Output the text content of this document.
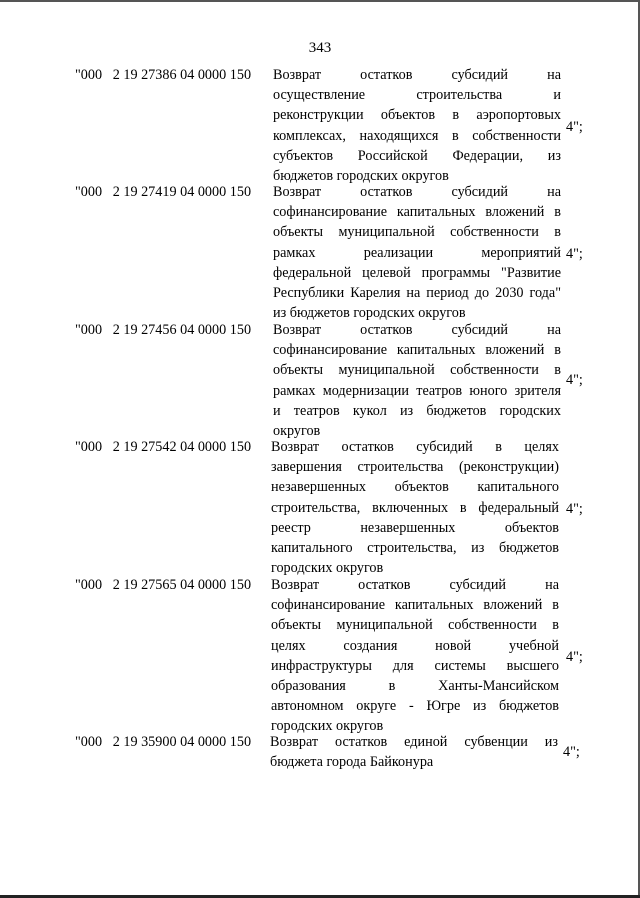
343
"000   2 19 27386 04 0000 150 Возврат остатков субсидий на
осуществление строительства и
реконструкции объектов в аэропортовых
комплексах, находящихся в собственности
субъектов Российской Федерации, из
бюджетов городских округов
4";
"000   2 19 27419 04 0000 150 Возврат остатков субсидий на
софинансирование капитальных вложений в
объекты муниципальной собственности в
рамках реализации мероприятий
федеральной целевой программы "Развитие
Республики Карелия на период до 2030 года"
из бюджетов городских округов
4";
"000   2 19 27456 04 0000 150 Возврат остатков субсидий на
софинансирование капитальных вложений в
объекты муниципальной собственности в
рамках модернизации театров юного зрителя
и театров кукол из бюджетов городских
округов
4";
"000   2 19 27542 04 0000 150 Возврат остатков субсидий в целях
завершения строительства (реконструкции)
незавершенных объектов капитального
строительства, включенных в федеральный
реестр незавершенных объектов
капитального строительства, из бюджетов
городских округов
4";
"000   2 19 27565 04 0000 150 Возврат остатков субсидий на
софинансирование капитальных вложений в
объекты муниципальной собственности в
целях создания новой учебной
инфраструктуры для системы высшего
образования в Ханты-Мансийском
автономном округе - Югре из бюджетов
городских округов
4";
"000   2 19 35900 04 0000 150 Возврат остатков единой субвенции из
бюджета города Байконура
4";
